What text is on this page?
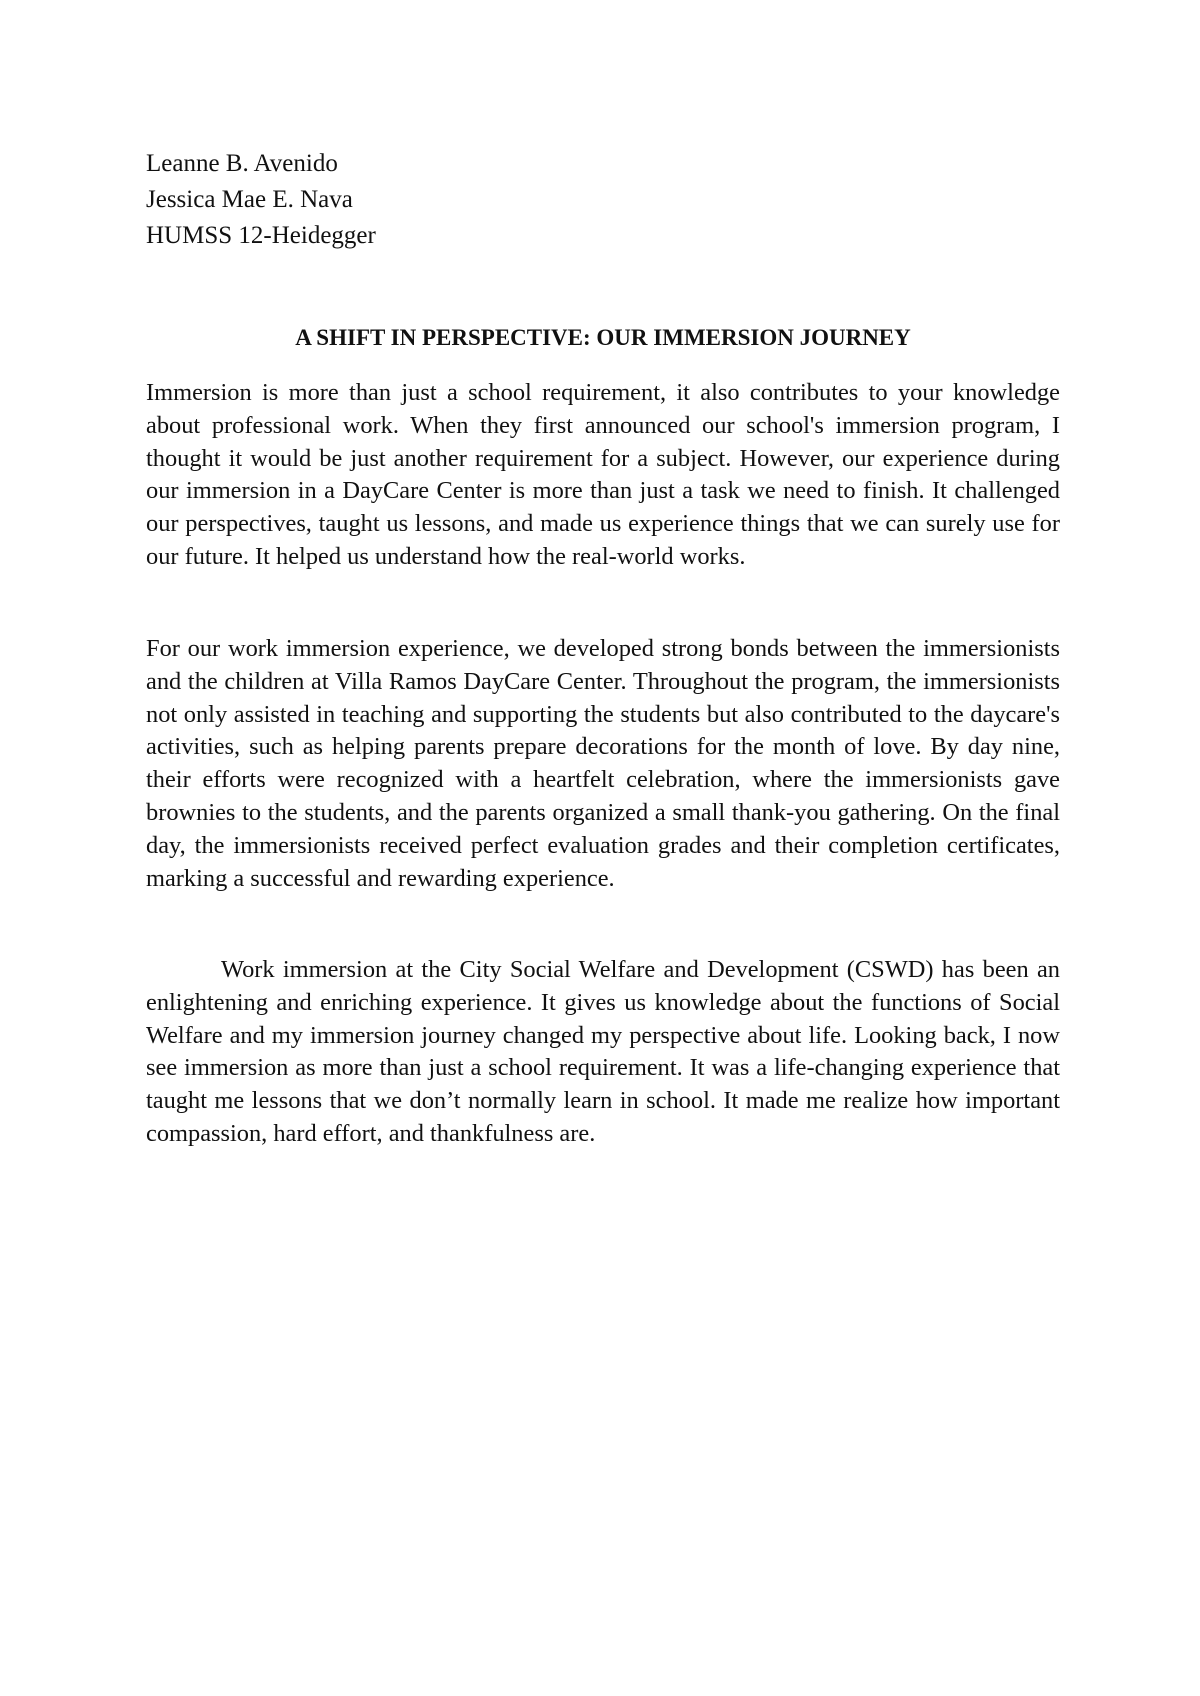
Leanne B. Avenido
Jessica Mae E. Nava
HUMSS 12-Heidegger
A SHIFT IN PERSPECTIVE: OUR IMMERSION JOURNEY

Immersion is more than just a school requirement, it also contributes to your knowledge about professional work. When they first announced our school's immersion program, I thought it would be just another requirement for a subject. However, our experience during our immersion in a DayCare Center is more than just a task we need to finish. It challenged our perspectives, taught us lessons, and made us experience things that we can surely use for our future. It helped us understand how the real-world works.

For our work immersion experience, we developed strong bonds between the immersionists and the children at Villa Ramos DayCare Center. Throughout the program, the immersionists not only assisted in teaching and supporting the students but also contributed to the daycare's activities, such as helping parents prepare decorations for the month of love. By day nine, their efforts were recognized with a heartfelt celebration, where the immersionists gave brownies to the students, and the parents organized a small thank-you gathering. On the final day, the immersionists received perfect evaluation grades and their completion certificates, marking a successful and rewarding experience.

Work immersion at the City Social Welfare and Development (CSWD) has been an enlightening and enriching experience. It gives us knowledge about the functions of Social Welfare and my immersion journey changed my perspective about life. Looking back, I now see immersion as more than just a school requirement. It was a life-changing experience that taught me lessons that we don’t normally learn in school. It made me realize how important compassion, hard effort, and thankfulness are.
